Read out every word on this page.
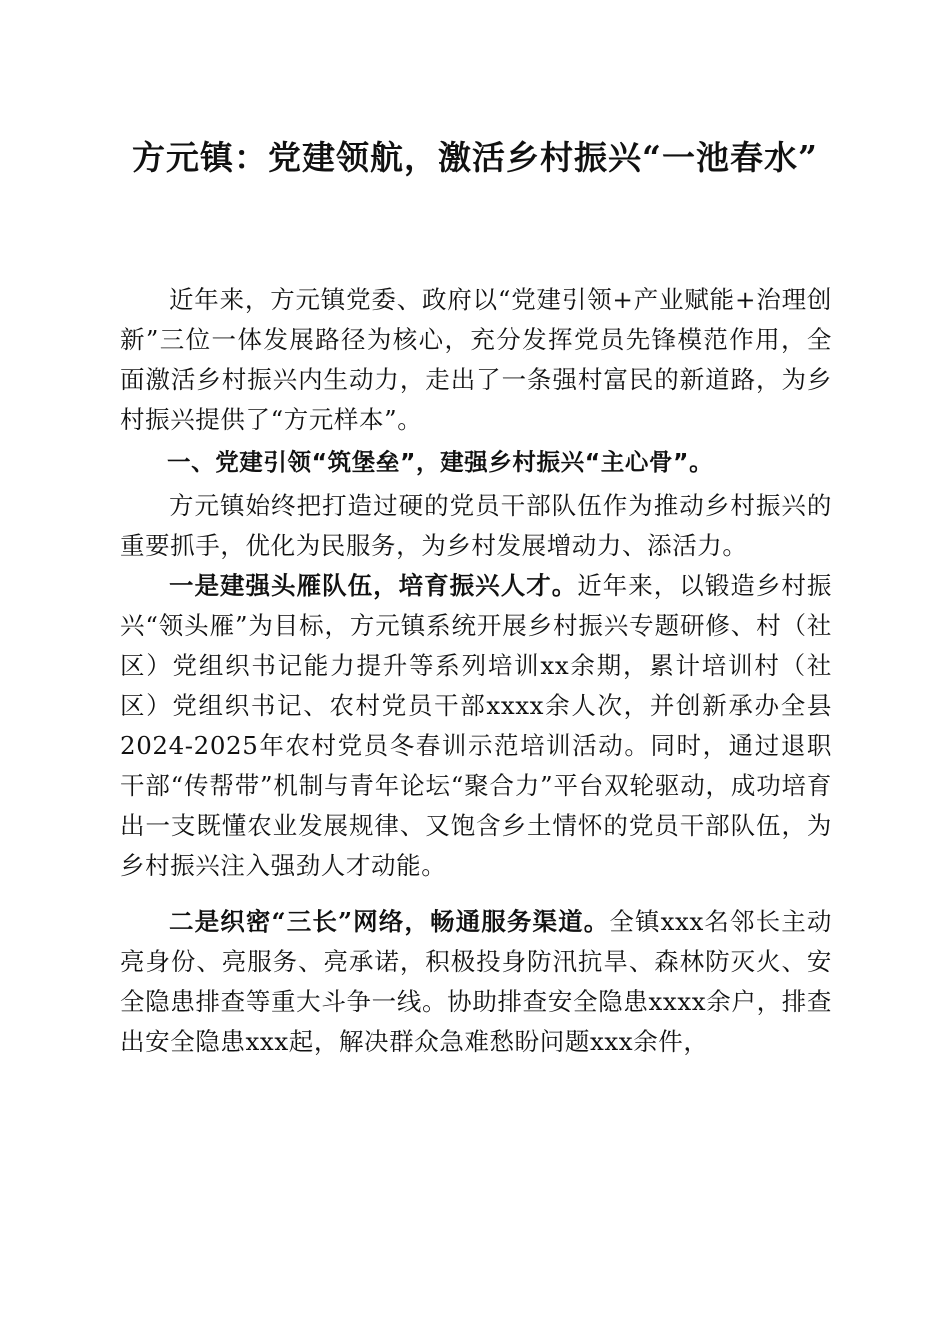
方元镇：党建领航，激活乡村振兴“一池春水”

近年来，方元镇党委、政府以“党建引领+产业赋能+治理创新”三位一体发展路径为核心，充分发挥党员先锋模范作用，全面激活乡村振兴内生动力，走出了一条强村富民的新道路，为乡村振兴提供了“方元样本”。

一、党建引领“筑堡垒”，建强乡村振兴“主心骨”。

方元镇始终把打造过硬的党员干部队伍作为推动乡村振兴的重要抓手，优化为民服务，为乡村发展增动力、添活力。

一是建强头雁队伍，培育振兴人才。近年来，以锻造乡村振兴“领头雁”为目标，方元镇系统开展乡村振兴专题研修、村（社区）党组织书记能力提升等系列培训xx余期，累计培训村（社区）党组织书记、农村党员干部xxxx余人次，并创新承办全县2024-2025年农村党员冬春训示范培训活动。同时，通过退职干部“传帮带”机制与青年论坛“聚合力”平台双轮驱动，成功培育出一支既懂农业发展规律、又饱含乡土情怀的党员干部队伍，为乡村振兴注入强劲人才动能。

二是织密“三长”网络，畅通服务渠道。全镇xxx名邻长主动亮身份、亮服务、亮承诺，积极投身防汛抗旱、森林防灭火、安全隐患排查等重大斗争一线。协助排查安全隐患xxxx余户，排查出安全隐患xxx起，解决群众急难愁盼问题xxx余件，
